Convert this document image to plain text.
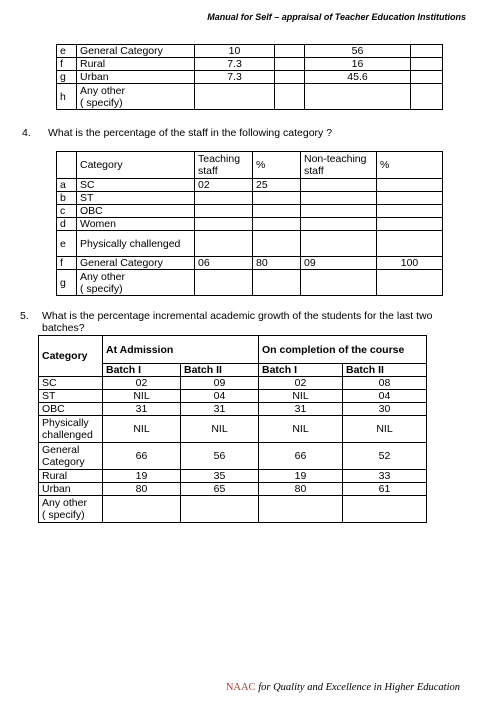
Manual for Self – appraisal of Teacher Education Institutions
e	General Category	10		56	
f	Rural	7.3		16	
g	Urban	7.3		45.6	
h	Any other
( specify)				
4. What is the percentage of the staff in the following category ?
	Category	Teaching staff	%	Non-teaching staff	%
a	SC	02	25		
b	ST				
c	OBC				
d	Women				
e	Physically challenged				
f	General Category	06	80	09	100
g	Any other
( specify)				
5. What is the percentage incremental academic growth of the students for the last two batches?
Category	At Admission		On completion of the course	
	Batch I	Batch II	Batch I	Batch II
SC	02	09	02	08
ST	NIL	04	NIL	04
OBC	31	31	31	30
Physically
challenged	NIL	NIL	NIL	NIL
General
Category	66	56	66	52
Rural	19	35	19	33
Urban	80	65	80	61
Any other
( specify)				
NAAC for Quality and Excellence in Higher Education
